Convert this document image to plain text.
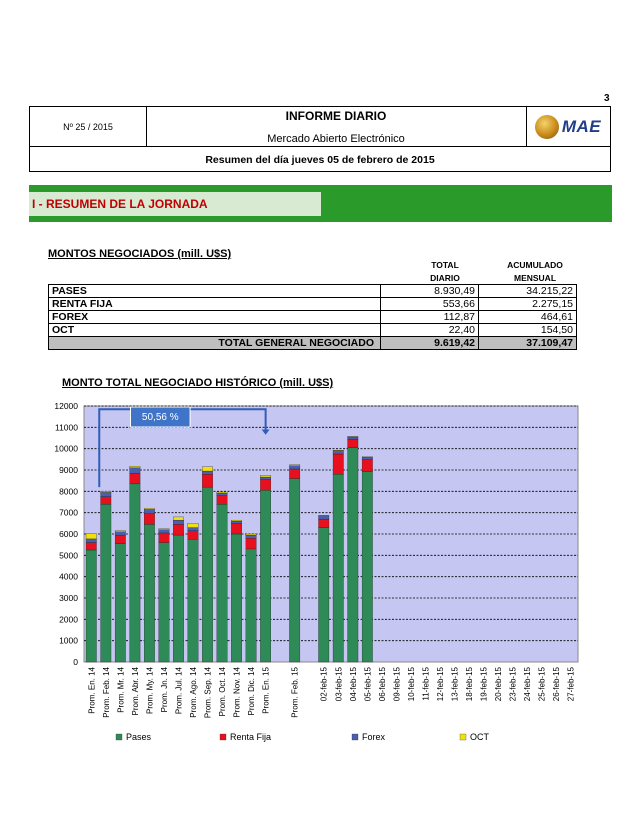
3
Nº 25 / 2015
INFORME DIARIO
Mercado Abierto Electrónico
MAE
Resumen del día jueves 05 de febrero de 2015
I - RESUMEN DE LA JORNADA
MONTOS NEGOCIADOS (mill. U$S)
TOTAL
DIARIO
ACUMULADO
MENSUAL
PASES	8.930,49	34.215,22
RENTA FIJA	553,66	2.275,15
FOREX	112,87	464,61
OCT	22,40	154,50
TOTAL GENERAL NEGOCIADO	9.619,42	37.109,47
MONTO TOTAL NEGOCIADO HISTÓRICO (mill. U$S)
0
1000
2000
3000
4000
5000
6000
7000
8000
9000
10000
11000
12000
Prom. En. 14 Prom. Feb. 14 Prom. Mr. 14 Prom. Abr. 14 Prom. My. 14 Prom. Jn. 14 Prom. Jul. 14 Prom. Ago. 14 Prom. Sep. 14 Prom. Oct. 14 Prom. Nov. 14 Prom. Dic. 14 Prom. En. 15	Prom. Feb. 15	02-feb-15 03-feb-15 04-feb-15 05-feb-15 06-feb-15 09-feb-15 10-feb-15 11-feb-15 12-feb-15 13-feb-15 18-feb-15 19-feb-15 20-feb-15 23-feb-15 24-feb-15 25-feb-15 26-feb-15 27-feb-15
50,56 %
Pases	Renta Fija	Forex	OCT
